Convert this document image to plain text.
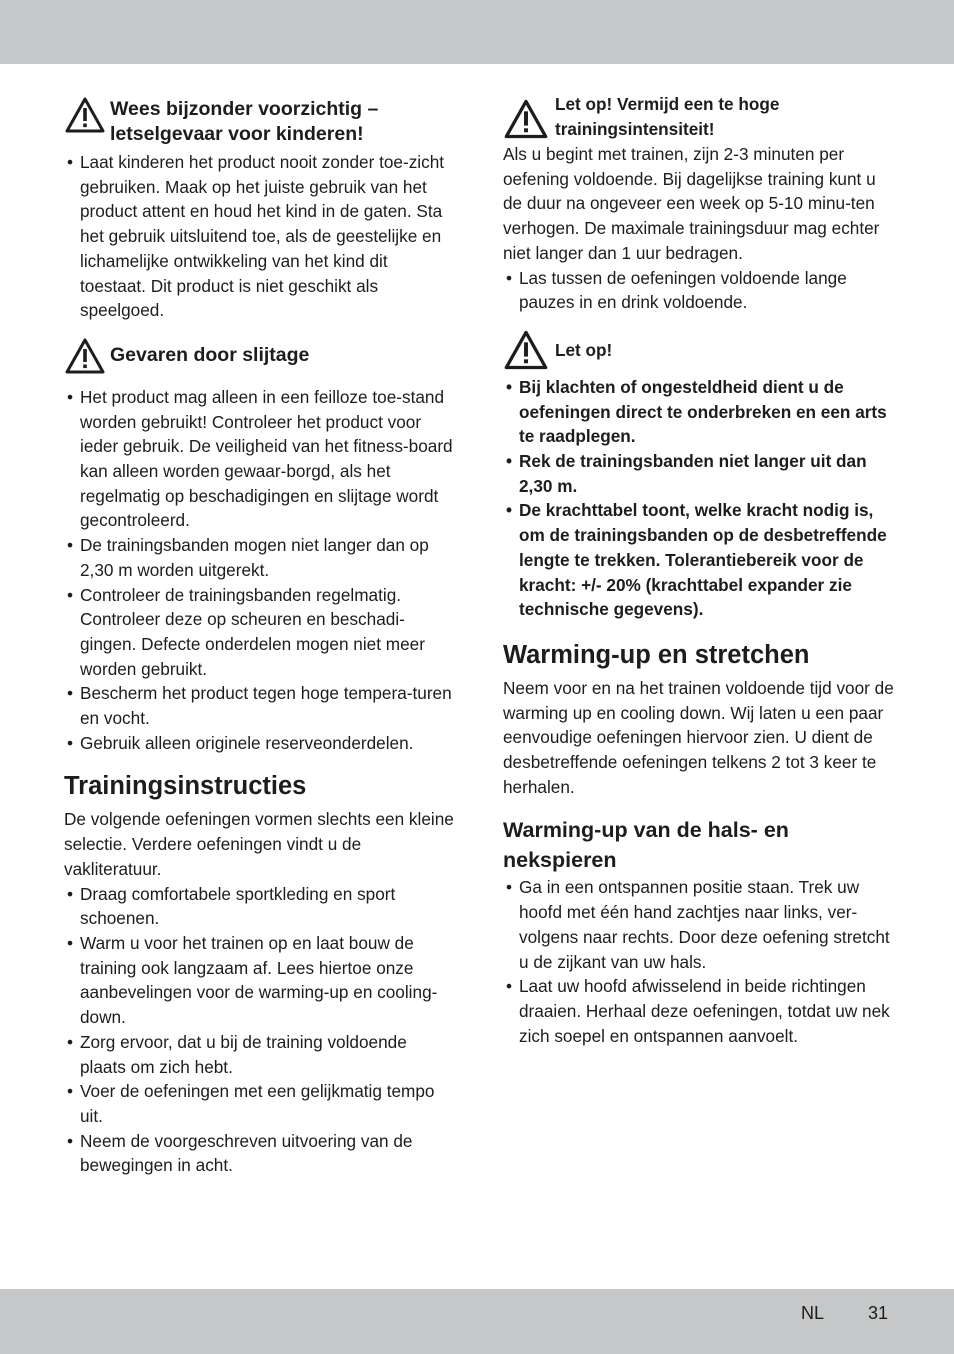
Wees bijzonder voorzichtig – letselgevaar voor kinderen!
• Laat kinderen het product nooit zonder toe-zicht gebruiken. Maak op het juiste gebruik van het product attent en houd het kind in de gaten. Sta het gebruik uitsluitend toe, als de geestelijke en lichamelijke ontwikkeling van het kind dit toestaat. Dit product is niet geschikt als speelgoed.
Gevaren door slijtage
• Het product mag alleen in een feilloze toe-stand worden gebruikt! Controleer het product voor ieder gebruik. De veiligheid van het fitness-board kan alleen worden gewaar-borgd, als het regelmatig op beschadigingen en slijtage wordt gecontroleerd.
• De trainingsbanden mogen niet langer dan op 2,30 m worden uitgerekt.
• Controleer de trainingsbanden regelmatig. Controleer deze op scheuren en beschadi-gingen. Defecte onderdelen mogen niet meer worden gebruikt.
• Bescherm het product tegen hoge tempera-turen en vocht.
• Gebruik alleen originele reserveonderdelen.
Trainingsinstructies

De volgende oefeningen vormen slechts een kleine selectie. Verdere oefeningen vindt u de vakliteratuur.

• Draag comfortabele sportkleding en sport schoenen.
• Warm u voor het trainen op en laat bouw de training ook langzaam af. Lees hiertoe onze aanbevelingen voor de warming-up en cooling-down.
• Zorg ervoor, dat u bij de training voldoende plaats om zich hebt.
• Voer de oefeningen met een gelijkmatig tempo uit.
• Neem de voorgeschreven uitvoering van de bewegingen in acht.
Let op! Vermijd een te hoge trainingsintensiteit!

Als u begint met trainen, zijn 2-3 minuten per oefening voldoende. Bij dagelijkse training kunt u de duur na ongeveer een week op 5-10 minu-ten verhogen. De maximale trainingsduur mag echter niet langer dan 1 uur bedragen.

• Las tussen de oefeningen voldoende lange pauzes in en drink voldoende.
Let op!
• Bij klachten of ongesteldheid dient u de oefeningen direct te onderbreken en een arts te raadplegen.
• Rek de trainingsbanden niet langer uit dan 2,30 m.
• De krachttabel toont, welke kracht nodig is, om de trainingsbanden op de desbetreffende lengte te trekken. Tolerantiebereik voor de kracht: +/- 20% (krachttabel expander zie technische gegevens).
Warming-up en stretchen

Neem voor en na het trainen voldoende tijd voor de warming up en cooling down. Wij laten u een paar eenvoudige oefeningen hiervoor zien. U dient de desbetreffende oefeningen telkens 2 tot 3 keer te herhalen.

Warming-up van de hals- en nekspieren
• Ga in een ontspannen positie staan. Trek uw hoofd met één hand zachtjes naar links, ver-volgens naar rechts. Door deze oefening stretcht u de zijkant van uw hals.
• Laat uw hoofd afwisselend in beide richtingen draaien. Herhaal deze oefeningen, totdat uw nek zich soepel en ontspannen aanvoelt.
NL 31
